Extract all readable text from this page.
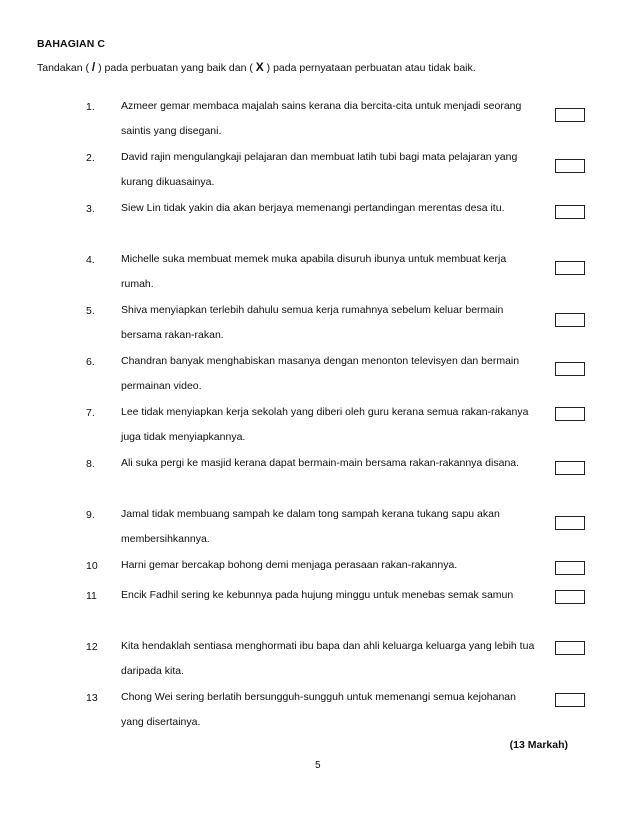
BAHAGIAN C
Tandakan ( / ) pada perbuatan yang baik dan ( X ) pada pernyataan perbuatan atau tidak baik.
1. Azmeer gemar membaca majalah sains kerana dia bercita-cita untuk menjadi seorang saintis yang disegani.
2. David rajin mengulangkaji pelajaran dan membuat latih tubi bagi mata pelajaran yang kurang dikuasainya.
3. Siew Lin tidak yakin dia akan berjaya memenangi pertandingan merentas desa itu.
4. Michelle suka membuat memek muka apabila disuruh ibunya untuk membuat kerja rumah.
5. Shiva menyiapkan terlebih dahulu semua kerja rumahnya sebelum keluar bermain bersama rakan-rakan.
6. Chandran banyak menghabiskan masanya dengan menonton televisyen dan bermain permainan video.
7. Lee tidak menyiapkan kerja sekolah yang diberi oleh guru kerana semua rakan-rakanya juga tidak menyiapkannya.
8. Ali suka pergi ke masjid kerana dapat bermain-main bersama rakan-rakannya disana.
9. Jamal tidak membuang sampah ke dalam tong sampah kerana tukang sapu akan membersihkannya.
10 Harni gemar bercakap bohong demi menjaga perasaan rakan-rakannya.
11 Encik Fadhil sering ke kebunnya pada hujung minggu untuk menebas semak samun
12 Kita hendaklah sentiasa menghormati ibu bapa dan ahli keluarga keluarga yang lebih tua daripada kita.
13 Chong Wei sering berlatih bersungguh-sungguh untuk memenangi semua kejohanan yang disertainya.
(13 Markah)
5
